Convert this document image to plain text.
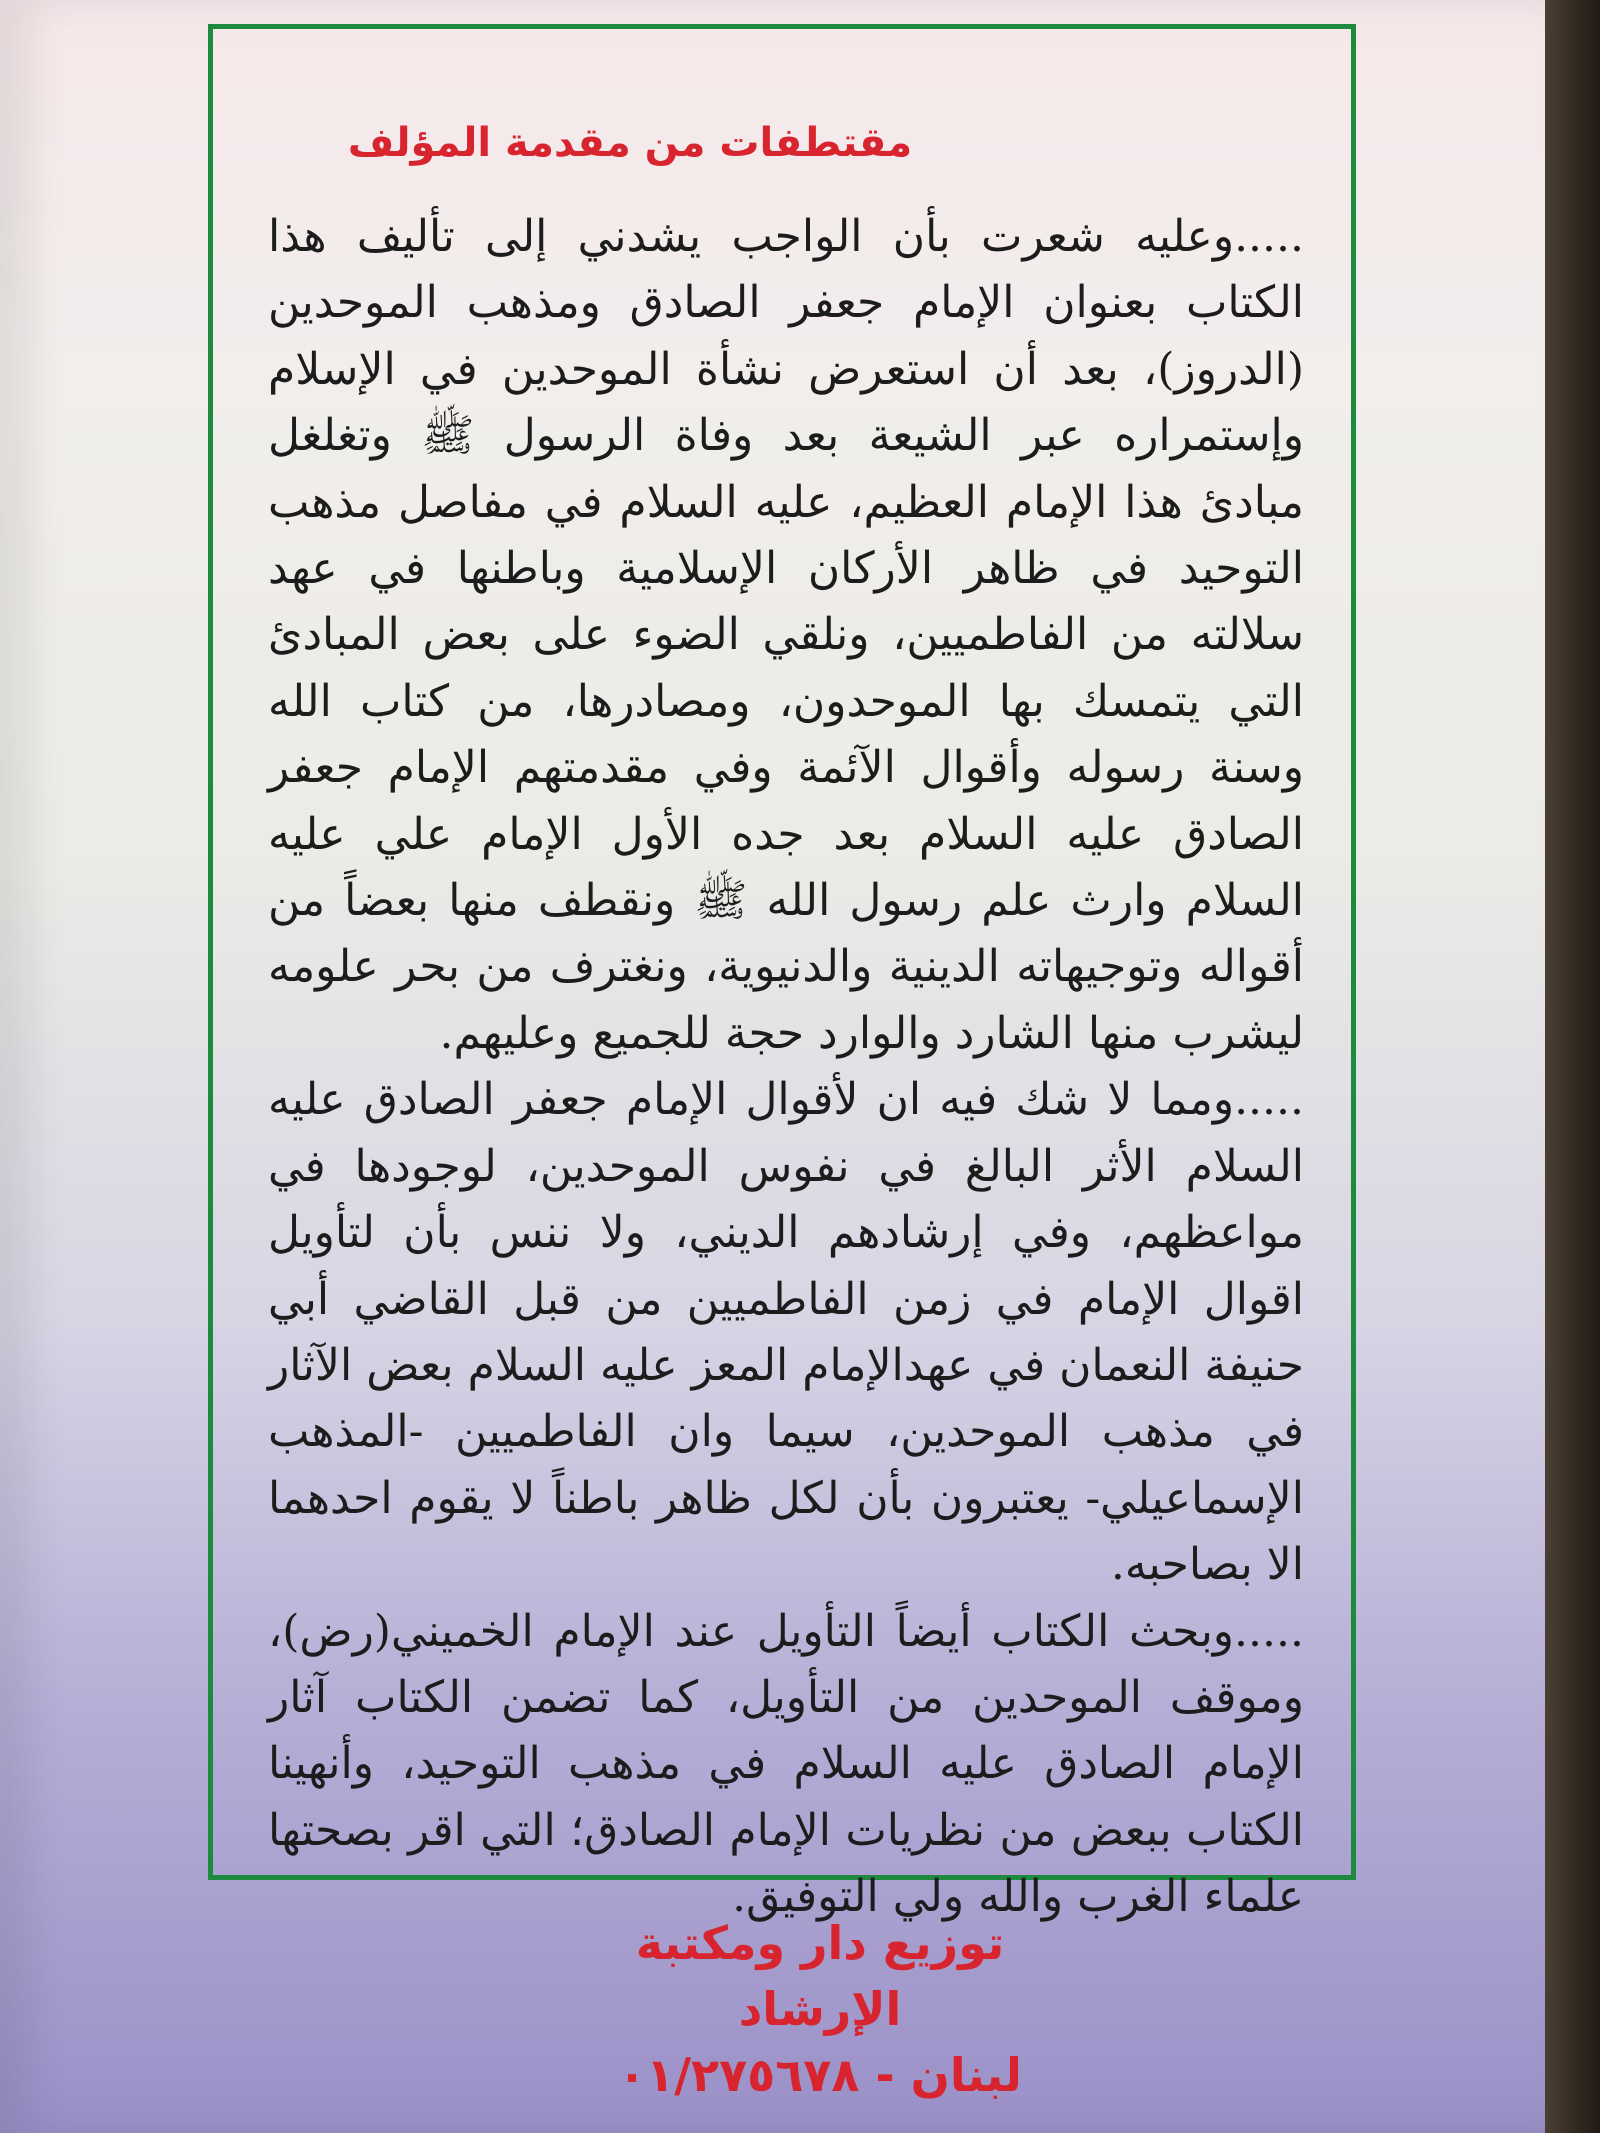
مقتطفات من مقدمة المؤلف

.....وعليه شعرت بأن الواجب يشدني إلى تأليف هذا الكتاب بعنوان الإمام جعفر الصادق ومذهب الموحدين (الدروز)، بعد أن استعرض نشأة الموحدين في الإسلام وإستمراره عبر الشيعة بعد وفاة الرسول ﷺ وتغلغل مبادئ هذا الإمام العظيم، عليه السلام في مفاصل مذهب التوحيد في ظاهر الأركان الإسلامية وباطنها في عهد سلالته من الفاطميين، ونلقي الضوء على بعض المبادئ التي يتمسك بها الموحدون، ومصادرها، من كتاب الله وسنة رسوله وأقوال الآئمة وفي مقدمتهم الإمام جعفر الصادق عليه السلام بعد جده الأول الإمام علي عليه السلام وارث علم رسول الله ﷺ ونقطف منها بعضاً من أقواله وتوجيهاته الدينية والدنيوية، ونغترف من بحر علومه ليشرب منها الشارد والوارد حجة للجميع وعليهم.

.....ومما لا شك فيه ان لأقوال الإمام جعفر الصادق عليه السلام الأثر البالغ في نفوس الموحدين، لوجودها في مواعظهم، وفي إرشادهم الديني، ولا ننس بأن لتأويل اقوال الإمام في زمن الفاطميين من قبل القاضي أبي حنيفة النعمان في عهدالإمام المعز عليه السلام بعض الآثار في مذهب الموحدين، سيما وان الفاطميين -المذهب الإسماعيلي- يعتبرون بأن لكل ظاهر باطناً لا يقوم احدهما الا بصاحبه.

.....وبحث الكتاب أيضاً التأويل عند الإمام الخميني(رض)، وموقف الموحدين من التأويل، كما تضمن الكتاب آثار الإمام الصادق عليه السلام في مذهب التوحيد، وأنهينا الكتاب ببعض من نظريات الإمام الصادق؛ التي اقر بصحتها علماء الغرب والله ولي التوفيق.

توزيع دار ومكتبة الإرشاد
لبنان - ٠١/٢٧٥٦٧٨
